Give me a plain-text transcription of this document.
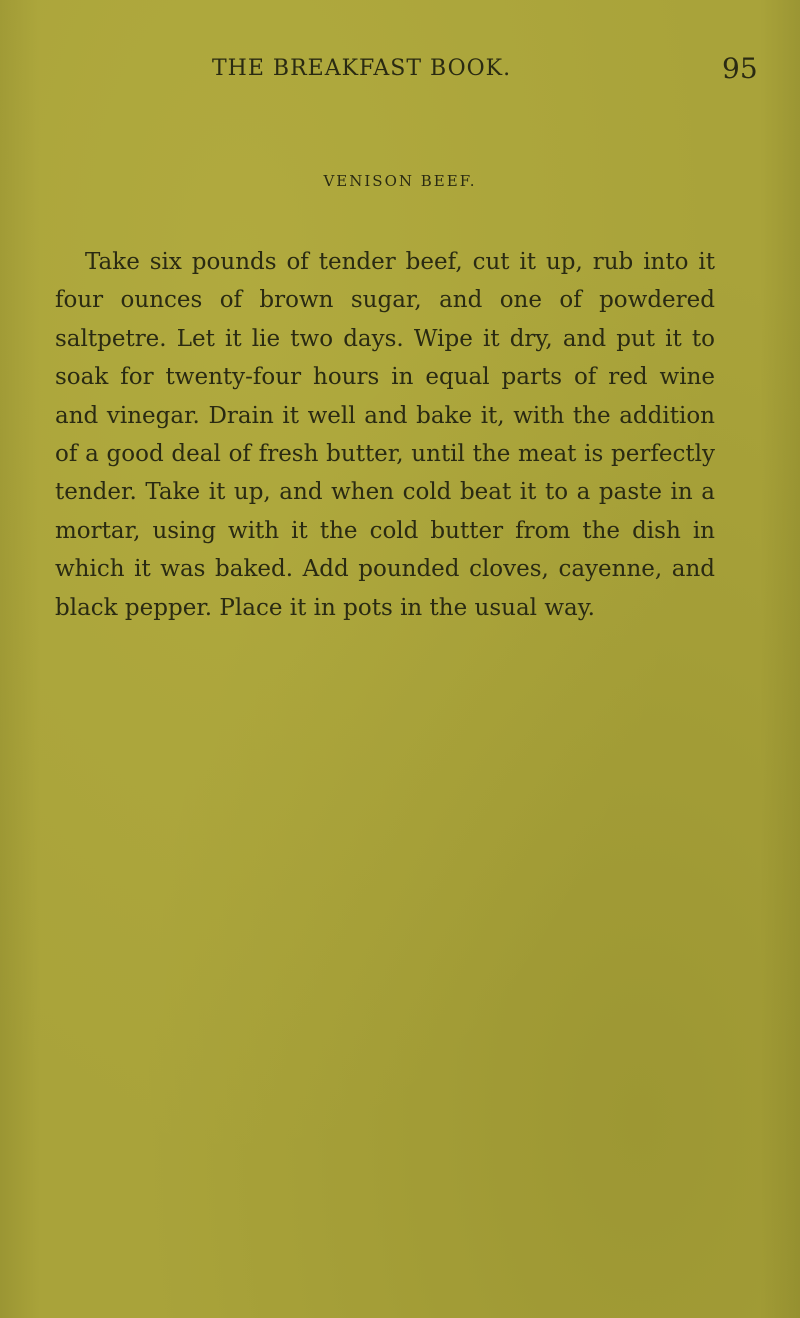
THE BREAKFAST BOOK.	95
VENISON BEEF.

Take six pounds of tender beef, cut it up, rub into it four ounces of brown sugar, and one of powdered saltpetre. Let it lie two days. Wipe it dry, and put it to soak for twenty-four hours in equal parts of red wine and vinegar. Drain it well and bake it, with the addition of a good deal of fresh butter, until the meat is perfectly tender. Take it up, and when cold beat it to a paste in a mortar, using with it the cold butter from the dish in which it was baked. Add pounded cloves, cayenne, and black pepper. Place it in pots in the usual way.
